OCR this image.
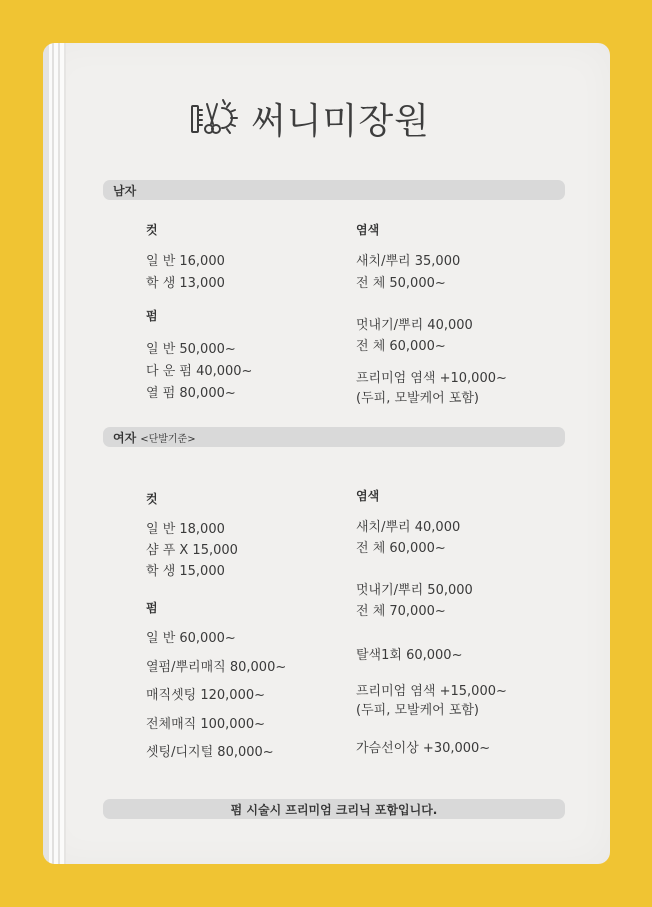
써니미장원
남자
컷
일 반 16,000
학 생 13,000
펌
일 반 50,000~
다 운 펌 40,000~
열 펌 80,000~
염색
새치/뿌리 35,000
전 체 50,000~
멋내기/뿌리 40,000
전 체 60,000~
프리미엄 염색 +10,000~
(두피, 모발케어 포함)
여자 <단발기준>
컷
일 반 18,000
샴 푸 X 15,000
학 생 15,000
펌
일 반 60,000~
열펌/뿌리매직 80,000~
매직셋팅 120,000~
전체매직 100,000~
셋팅/디지털 80,000~
염색
새치/뿌리 40,000
전 체 60,000~
멋내기/뿌리 50,000
전 체 70,000~
탈색1회 60,000~
프리미엄 염색 +15,000~
(두피, 모발케어 포함)
가슴선이상 +30,000~
펌 시술시 프리미엄 크리닉 포함입니다.
